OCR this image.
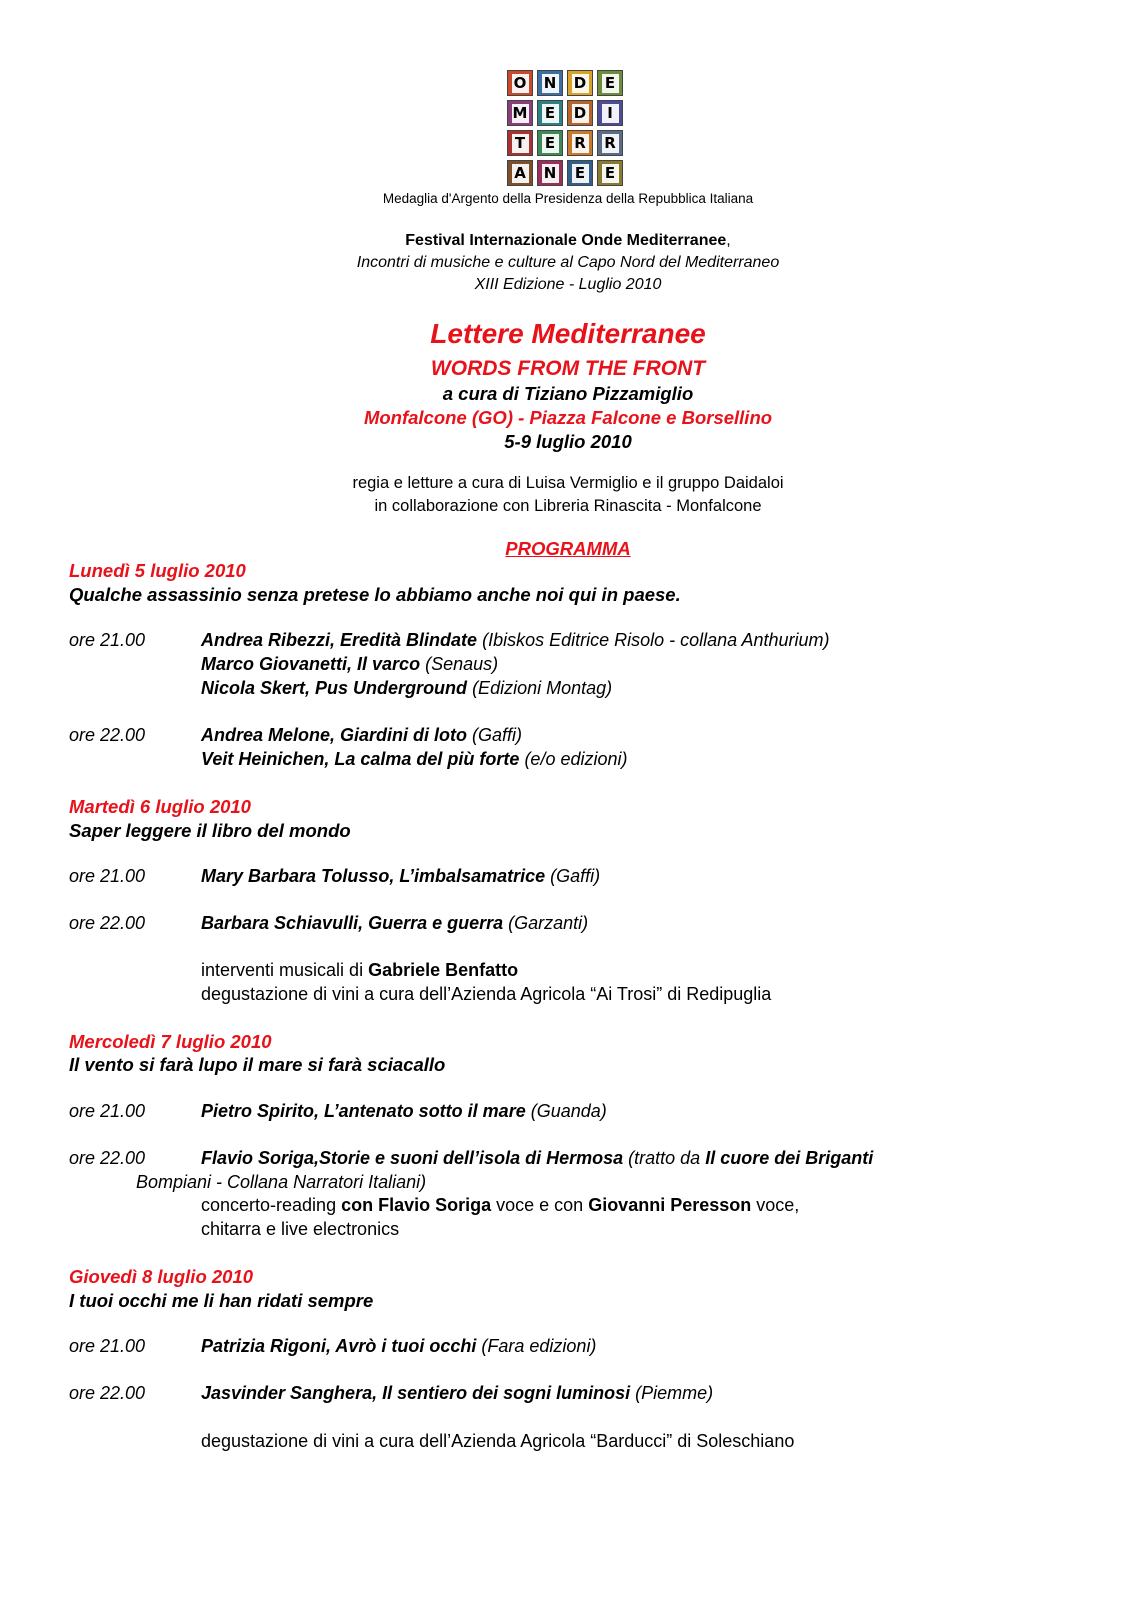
O N D E
M E D	I
T E R R
A N E E
Medaglia d'Argento della Presidenza della Repubblica Italiana
Festival Internazionale Onde Mediterranee,
Incontri di musiche e culture al Capo Nord del Mediterraneo
XIII Edizione - Luglio 2010
Lettere Mediterranee
WORDS FROM THE FRONT
a cura di Tiziano Pizzamiglio
Monfalcone (GO) - Piazza Falcone e Borsellino
5-9 luglio 2010
regia e letture a cura di Luisa Vermiglio e il gruppo Daidaloi
in collaborazione con Libreria Rinascita - Monfalcone
PROGRAMMA
Lunedì 5 luglio 2010
Qualche assassinio senza pretese lo abbiamo anche noi qui in paese.
ore 21.00	Andrea Ribezzi, Eredità Blindate (Ibiskos Editrice Risolo - collana Anthurium)
Marco Giovanetti, Il varco (Senaus)
Nicola Skert, Pus Underground (Edizioni Montag)
ore 22.00	Andrea Melone, Giardini di loto (Gaffi)
Veit Heinichen, La calma del più forte (e/o edizioni)
Martedì 6 luglio 2010
Saper leggere il libro del mondo
ore 21.00	Mary Barbara Tolusso, L’imbalsamatrice (Gaffi)
ore 22.00	Barbara Schiavulli, Guerra e guerra (Garzanti)
interventi musicali di Gabriele Benfatto
degustazione di vini a cura dell’Azienda Agricola “Ai Trosi” di Redipuglia
Mercoledì 7 luglio 2010
Il vento si farà lupo il mare si farà sciacallo
ore 21.00	Pietro Spirito, L’antenato sotto il mare (Guanda)
ore 22.00	Flavio Soriga,Storie e suoni dell’isola di Hermosa (tratto da Il cuore dei Briganti
Bompiani - Collana Narratori Italiani)
concerto-reading con Flavio Soriga voce e con Giovanni Peresson voce,
chitarra e live electronics
Giovedì 8 luglio 2010
I tuoi occhi me li han ridati sempre
ore 21.00	Patrizia Rigoni, Avrò i tuoi occhi (Fara edizioni)
ore 22.00	Jasvinder Sanghera, Il sentiero dei sogni luminosi (Piemme)
degustazione di vini a cura dell’Azienda Agricola “Barducci” di Soleschiano
